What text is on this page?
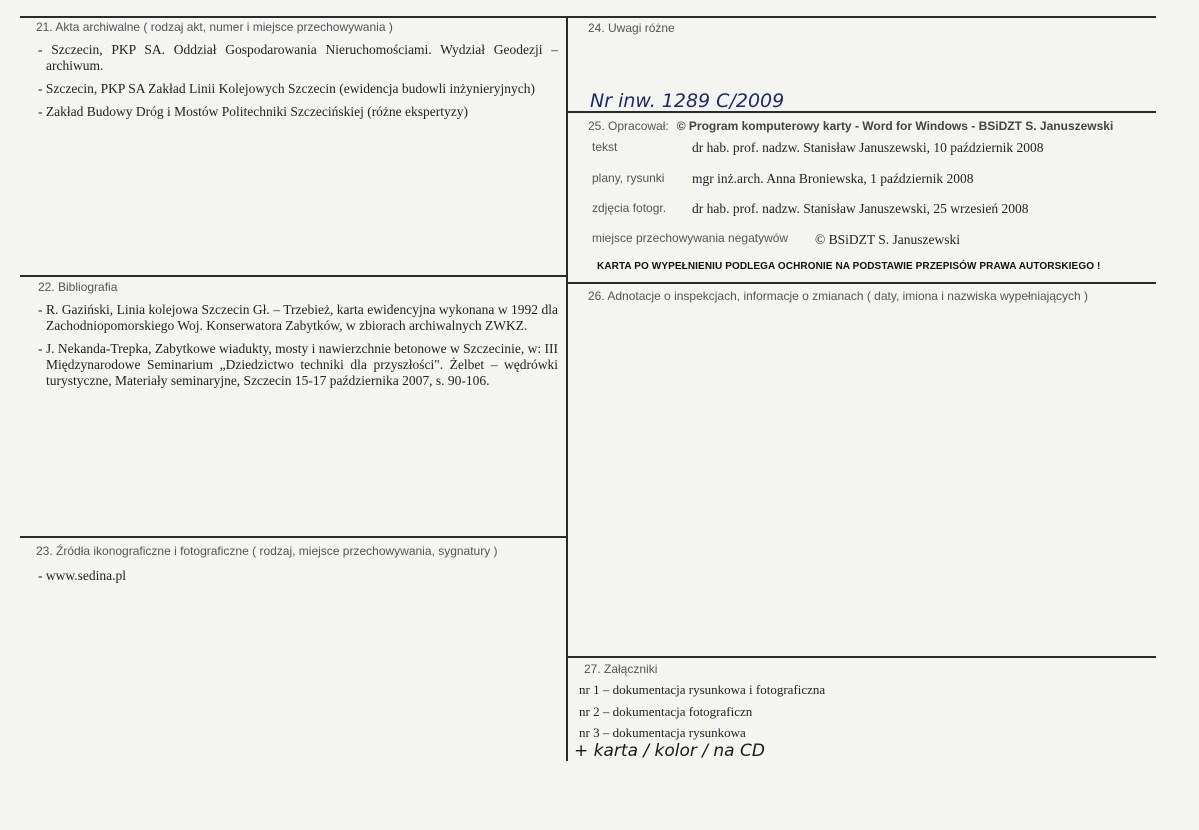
21. Akta archiwalne ( rodzaj akt, numer i miejsce przechowywania )
- Szczecin, PKP SA. Oddział Gospodarowania Nieruchomościami. Wydział Geodezji – archiwum.
- Szczecin, PKP SA Zakład Linii Kolejowych Szczecin (ewidencja budowli inżynieryjnych)
- Zakład Budowy Dróg i Mostów Politechniki Szczecińskiej (różne ekspertyzy)
22. Bibliografia
- R. Gaziński, Linia kolejowa Szczecin Gł. – Trzebież, karta ewidencyjna wykonana w 1992 dla Zachodniopomorskiego Woj. Konserwatora Zabytków, w zbiorach archiwalnych ZWKZ.
- J. Nekanda-Trepka, Zabytkowe wiadukty, mosty i nawierzchnie betonowe w Szczecinie, w: III Międzynarodowe Seminarium „Dziedzictwo techniki dla przyszłości". Żelbet – wędrówki turystyczne, Materiały seminaryjne, Szczecin 15-17 października 2007, s. 90-106.
23. Źródła ikonograficzne i fotograficzne ( rodzaj, miejsce przechowywania, sygnatury )
- www.sedina.pl
24. Uwagi różne
Nr inw. 1289 C/2009
25. Opracował: © Program komputerowy karty - Word for Windows - BSiDZT S. Januszewski
tekst	dr hab. prof. nadzw. Stanisław Januszewski, 10 październik 2008
plany, rysunki mgr inż.arch. Anna Broniewska, 1 październik 2008
zdjęcia fotogr. dr hab. prof. nadzw. Stanisław Januszewski, 25 wrzesień 2008
miejsce przechowywania negatywów © BSiDZT S. Januszewski
KARTA PO WYPEŁNIENIU PODLEGA OCHRONIE NA PODSTAWIE PRZEPISÓW PRAWA AUTORSKIEGO !
26. Adnotacje o inspekcjach, informacje o zmianach ( daty, imiona i nazwiska wypełniających )
27. Załączniki
nr 1 – dokumentacja rysunkowa i fotograficzna
nr 2 – dokumentacja fotograficzn
nr 3 – dokumentacja rysunkowa
+ karta / kolor / na CD
